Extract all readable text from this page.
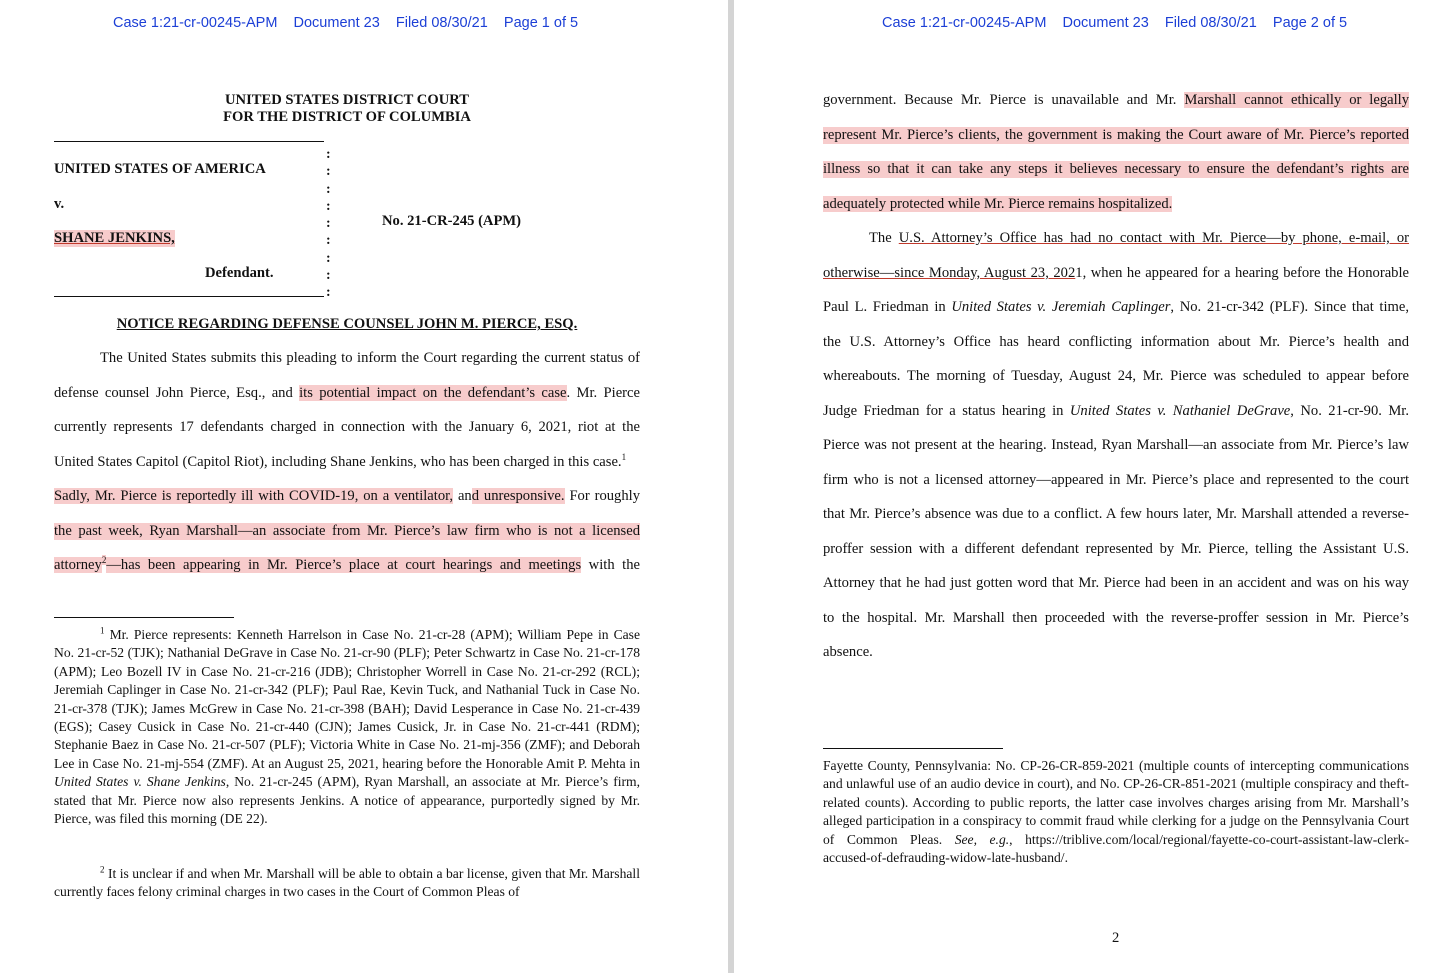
Case 1:21-cr-00245-APM    Document 23    Filed 08/30/21    Page 1 of 5
UNITED STATES DISTRICT COURT
FOR THE DISTRICT OF COLUMBIA
:
:
:
:
:
:
:
:
:
UNITED STATES OF AMERICA
v.
SHANE JENKINS,
Defendant.
No. 21-CR-245 (APM)
NOTICE REGARDING DEFENSE COUNSEL JOHN M. PIERCE, ESQ.
The United States submits this pleading to inform the Court regarding the current status of
defense counsel John Pierce, Esq., and its potential impact on the defendant’s case. Mr. Pierce
currently represents 17 defendants charged in connection with the January 6, 2021, riot at the
United States Capitol (Capitol Riot), including Shane Jenkins, who has been charged in this case.$^1$
Sadly, Mr. Pierce is reportedly ill with COVID-19, on a ventilator, and unresponsive. For roughly
the past week, Ryan Marshall—an associate from Mr. Pierce’s law firm who is not a licensed
attorney$^2$—has been appearing in Mr. Pierce’s place at court hearings and meetings with the
$^1$ Mr. Pierce represents: Kenneth Harrelson in Case No. 21-cr-28 (APM); William Pepe in Case No. 21-cr-52 (TJK); Nathanial DeGrave in Case No. 21-cr-90 (PLF); Peter Schwartz in Case No. 21-cr-178 (APM); Leo Bozell IV in Case No. 21-cr-216 (JDB); Christopher Worrell in Case No. 21-cr-292 (RCL); Jeremiah Caplinger in Case No. 21-cr-342 (PLF); Paul Rae, Kevin Tuck, and Nathanial Tuck in Case No. 21-cr-378 (TJK); James McGrew in Case No. 21-cr-398 (BAH); David Lesperance in Case No. 21-cr-439 (EGS); Casey Cusick in Case No. 21-cr-440 (CJN); James Cusick, Jr. in Case No. 21-cr-441 (RDM); Stephanie Baez in Case No. 21-cr-507 (PLF); Victoria White in Case No. 21-mj-356 (ZMF); and Deborah Lee in Case No. 21-mj-554 (ZMF). At an August 25, 2021, hearing before the Honorable Amit P. Mehta in United States v. Shane Jenkins, No. 21-cr-245 (APM), Ryan Marshall, an associate at Mr. Pierce’s firm, stated that Mr. Pierce now also represents Jenkins. A notice of appearance, purportedly signed by Mr. Pierce, was filed this morning (DE 22).
$^2$ It is unclear if and when Mr. Marshall will be able to obtain a bar license, given that Mr. Marshall currently faces felony criminal charges in two cases in the Court of Common Pleas of
Case 1:21-cr-00245-APM    Document 23    Filed 08/30/21    Page 2 of 5
government. Because Mr. Pierce is unavailable and Mr. Marshall cannot ethically or legally
represent Mr. Pierce’s clients, the government is making the Court aware of Mr. Pierce’s reported
illness so that it can take any steps it believes necessary to ensure the defendant’s rights are
adequately protected while Mr. Pierce remains hospitalized.
The U.S. Attorney’s Office has had no contact with Mr. Pierce—by phone, e-mail, or
otherwise—since Monday, August 23, 2021, when he appeared for a hearing before the Honorable
Paul L. Friedman in United States v. Jeremiah Caplinger, No. 21-cr-342 (PLF). Since that time,
the U.S. Attorney’s Office has heard conflicting information about Mr. Pierce’s health and
whereabouts. The morning of Tuesday, August 24, Mr. Pierce was scheduled to appear before
Judge Friedman for a status hearing in United States v. Nathaniel DeGrave, No. 21-cr-90. Mr.
Pierce was not present at the hearing. Instead, Ryan Marshall—an associate from Mr. Pierce’s law
firm who is not a licensed attorney—appeared in Mr. Pierce’s place and represented to the court
that Mr. Pierce’s absence was due to a conflict. A few hours later, Mr. Marshall attended a reverse-
proffer session with a different defendant represented by Mr. Pierce, telling the Assistant U.S.
Attorney that he had just gotten word that Mr. Pierce had been in an accident and was on his way
to the hospital. Mr. Marshall then proceeded with the reverse-proffer session in Mr. Pierce’s
absence.
Fayette County, Pennsylvania: No. CP-26-CR-859-2021 (multiple counts of intercepting communications and unlawful use of an audio device in court), and No. CP-26-CR-851-2021 (multiple conspiracy and theft-related counts). According to public reports, the latter case involves charges arising from Mr. Marshall’s alleged participation in a conspiracy to commit fraud while clerking for a judge on the Pennsylvania Court of Common Pleas. See, e.g., https://triblive.com/local/regional/fayette-co-court-assistant-law-clerk-accused-of-defrauding-widow-late-husband/.
2
